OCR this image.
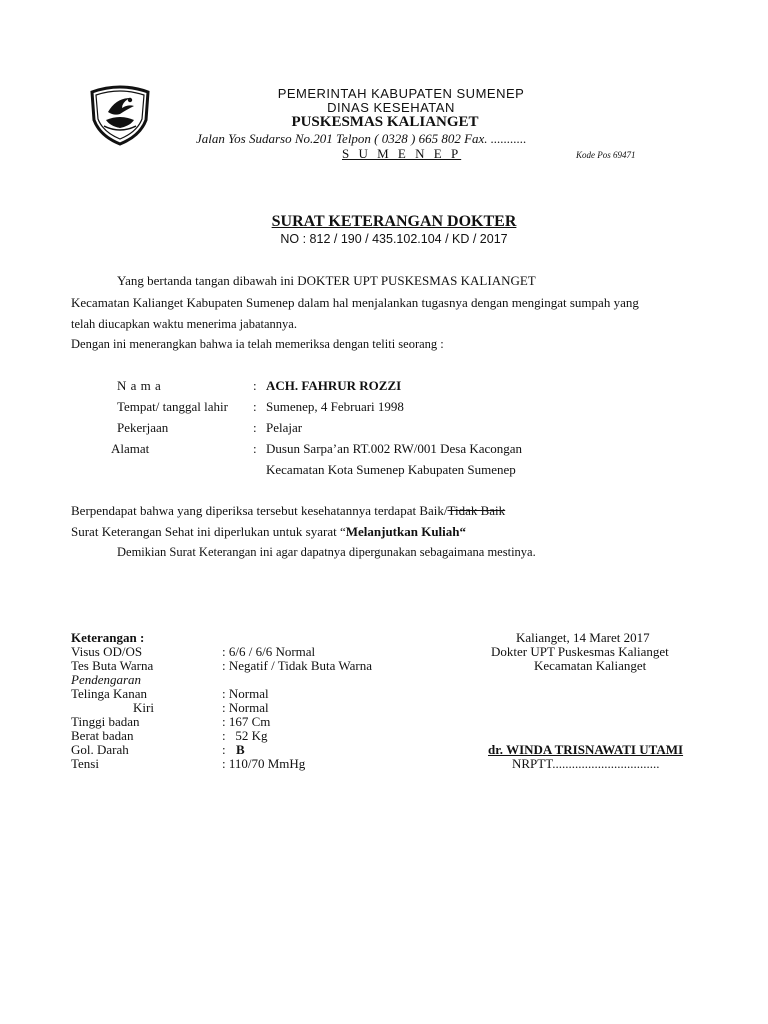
PEMERINTAH KABUPATEN SUMENEP
DINAS KESEHATAN
PUSKESMAS KALIANGET
Jalan Yos Sudarso No.201 Telpon ( 0328 ) 665 802 Fax. ...........
S U M E N E P	Kode Pos 69471
SURAT KETERANGAN DOKTER
NO : 812 / 190 / 435.102.104 / KD / 2017
Yang bertanda tangan dibawah ini DOKTER UPT PUSKESMAS KALIANGET
Kecamatan Kalianget Kabupaten Sumenep dalam hal menjalankan tugasnya dengan mengingat sumpah yang
telah diucapkan waktu menerima jabatannya.
Dengan ini menerangkan bahwa ia telah memeriksa dengan teliti seorang :
N a m a	: ACH. FAHRUR ROZZI
Tempat/ tanggal lahir : Sumenep, 4 Februari 1998
Pekerjaan	: Pelajar
Alamat	: Dusun Sarpa’an RT.002 RW/001 Desa Kacongan
Kecamatan Kota Sumenep Kabupaten Sumenep
Berpendapat bahwa yang diperiksa tersebut kesehatannya terdapat Baik/Tidak Baik
Surat Keterangan Sehat ini diperlukan untuk syarat “Melanjutkan Kuliah“
Demikian Surat Keterangan ini agar dapatnya dipergunakan sebagaimana mestinya.
Keterangan :
Visus OD/OS	: 6/6 / 6/6 Normal
Tes Buta Warna	: Negatif / Tidak Buta Warna
Pendengaran
Telinga Kanan	: Normal
Kiri	: Normal
Tinggi badan	: 167 Cm
Berat badan	:   52 Kg
Gol. Darah	: B
Tensi	: 110/70 MmHg
Kalianget, 14 Maret 2017
Dokter UPT Puskesmas Kalianget
Kecamatan Kalianget
dr. WINDA TRISNAWATI UTAMI
NRPTT.................................
